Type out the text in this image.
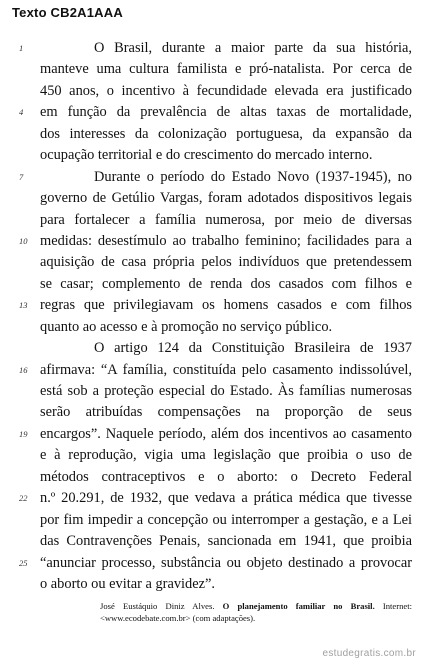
Texto CB2A1AAA
1	O Brasil, durante a maior parte da sua história,
manteve uma cultura familista e pró-natalista. Por cerca de
450 anos, o incentivo à fecundidade elevada era justificado
4 em função da prevalência de altas taxas de mortalidade,
dos interesses da colonização portuguesa, da expansão da
ocupação territorial e do crescimento do mercado interno.
7	Durante o período do Estado Novo (1937-1945), no
governo de Getúlio Vargas, foram adotados dispositivos legais
para fortalecer a família numerosa, por meio de diversas
10 medidas: desestímulo ao trabalho feminino; facilidades para a
aquisição de casa própria pelos indivíduos que pretendessem
se casar; complemento de renda dos casados com filhos e
13 regras que privilegiavam os homens casados e com filhos
quanto ao acesso e à promoção no serviço público.
O artigo 124 da Constituição Brasileira de 1937
16 afirmava: “A família, constituída pelo casamento indissolúvel,
está sob a proteção especial do Estado. Às famílias numerosas
serão atribuídas compensações na proporção de seus
19 encargos”. Naquele período, além dos incentivos ao casamento
e à reprodução, vigia uma legislação que proibia o uso de
métodos contraceptivos e o aborto: o Decreto Federal
22 n.º 20.291, de 1932, que vedava a prática médica que tivesse
por fim impedir a concepção ou interromper a gestação, e a Lei
das Contravenções Penais, sancionada em 1941, que proibia
25 “anunciar processo, substância ou objeto destinado a provocar
o aborto ou evitar a gravidez”.
José Eustáquio Diniz Alves. O planejamento familiar no Brasil. Internet: <www.ecodebate.com.br> (com adaptações).
estudegratis.com.br
